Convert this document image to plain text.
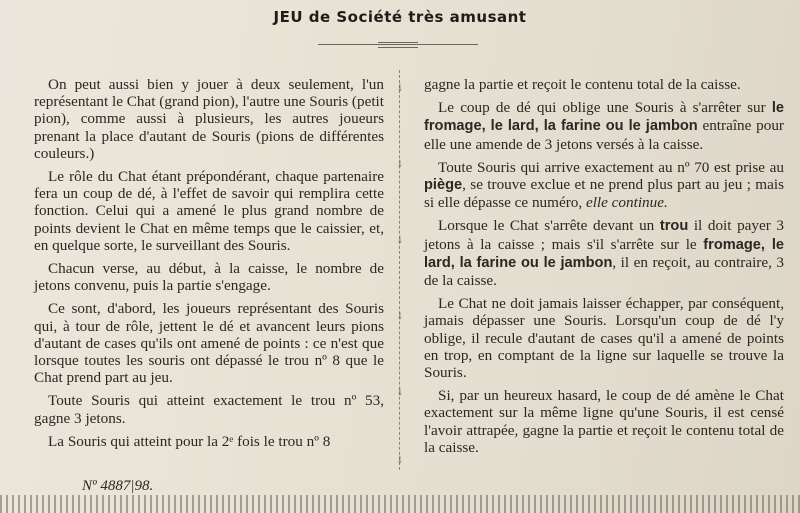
JEU de Société très amusant

On peut aussi bien y jouer à deux seulement, l'un représentant le Chat (grand pion), l'autre une Souris (petit pion), comme aussi à plusieurs, les autres joueurs prenant la place d'autant de Souris (pions de différentes couleurs.)

Le rôle du Chat étant prépondérant, chaque partenaire fera un coup de dé, à l'effet de savoir qui remplira cette fonction. Celui qui a amené le plus grand nombre de points devient le Chat en même temps que le caissier, et, en quelque sorte, le surveillant des Souris.

Chacun verse, au début, à la caisse, le nombre de jetons convenu, puis la partie s'engage.

Ce sont, d'abord, les joueurs représentant des Souris qui, à tour de rôle, jettent le dé et avancent leurs pions d'autant de cases qu'ils ont amené de points : ce n'est que lorsque toutes les souris ont dépassé le trou nº 8 que le Chat prend part au jeu.

Toute Souris qui atteint exactement le trou nº 53, gagne 3 jetons.

La Souris qui atteint pour la 2ᵉ fois le trou nº 8

↓
↓
↓
↓
↓
↓

gagne la partie et reçoit le contenu total de la caisse.

Le coup de dé qui oblige une Souris à s'arrêter sur le fromage, le lard, la farine ou le jambon entraîne pour elle une amende de 3 jetons versés à la caisse.

Toute Souris qui arrive exactement au nº 70 est prise au piège, se trouve exclue et ne prend plus part au jeu ; mais si elle dépasse ce numéro, elle continue.

Lorsque le Chat s'arrête devant un trou il doit payer 3 jetons à la caisse ; mais s'il s'arrête sur le fromage, le lard, la farine ou le jambon, il en reçoit, au contraire, 3 de la caisse.

Le Chat ne doit jamais laisser échapper, par conséquent, jamais dépasser une Souris. Lorsqu'un coup de dé l'y oblige, il recule d'autant de cases qu'il a amené de points en trop, en comptant de la ligne sur laquelle se trouve la Souris.

Si, par un heureux hasard, le coup de dé amène le Chat exactement sur la même ligne qu'une Souris, il est censé l'avoir attrapée, gagne la partie et reçoit le contenu total de la caisse.

Nº 4887|98.
